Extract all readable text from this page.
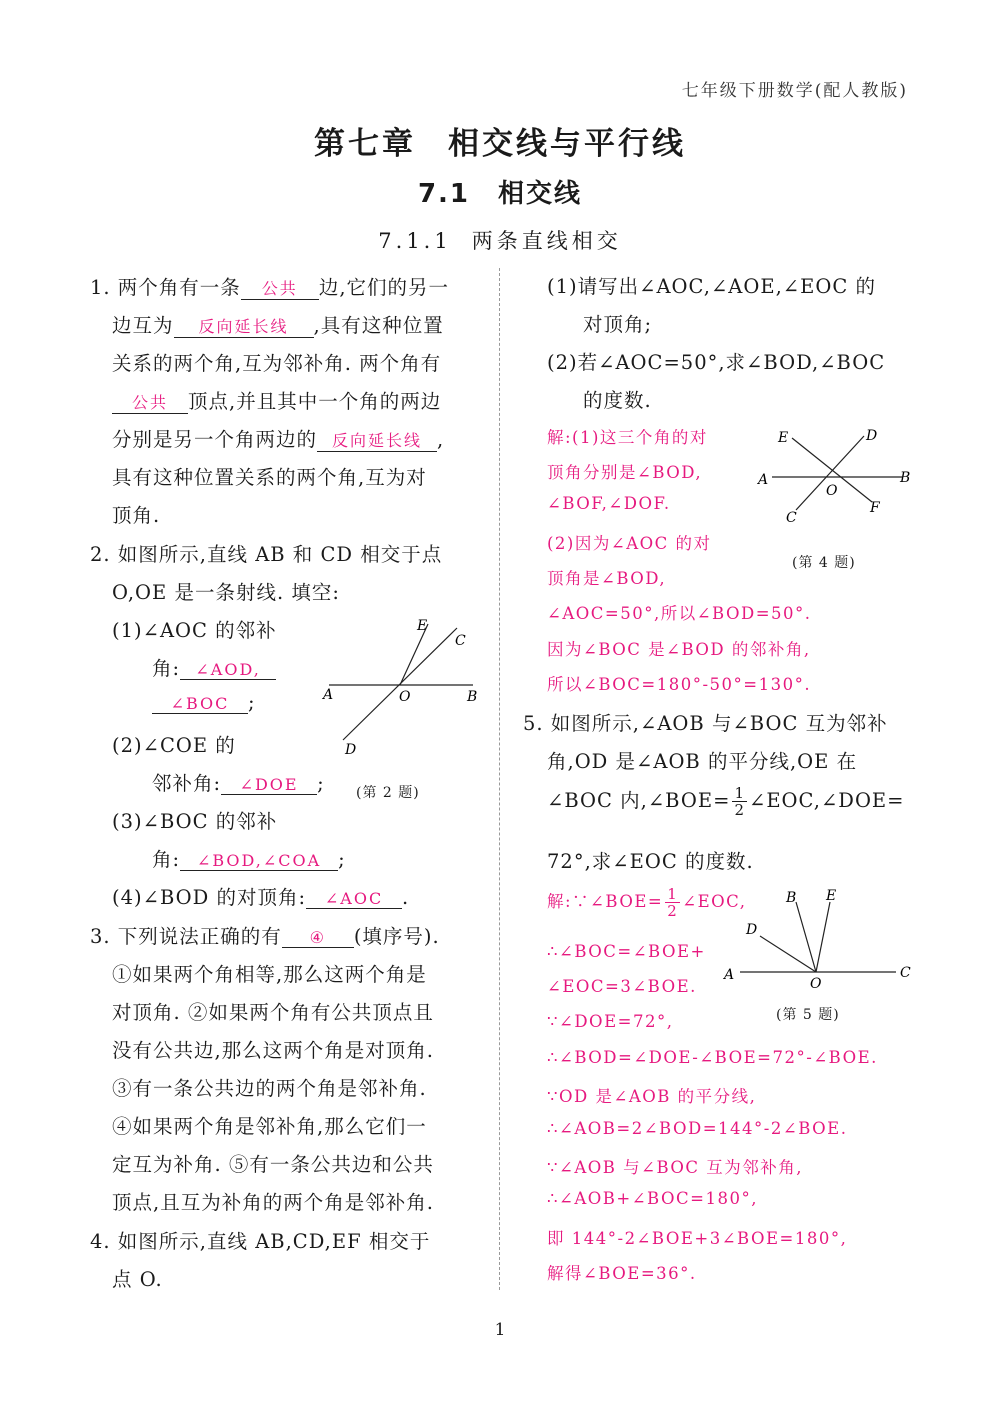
七年级下册数学(配人教版)
第七章 相交线与平行线
7.1 相交线
7.1.1 两条直线相交
1. 两个角有一条 公共 边,它们的另一
边互为 反向延长线 ,具有这种位置
关系的两个角,互为邻补角. 两个角有
公共 顶点,并且其中一个角的两边
分别是另一个角两边的 反向延长线 ,
具有这种位置关系的两个角,互为对
顶角.
2. 如图所示,直线 AB 和 CD 相交于点
O,OE 是一条射线. 填空:
(1)∠AOC 的邻补
角: ∠AOD,
∠BOC ;
(2)∠COE 的
邻补角: ∠DOE ;
(3)∠BOC 的邻补
角: ∠BOD,∠COA ;
(4)∠BOD 的对顶角: ∠AOC .
E
C
A	O	B
D
(第 2 题)
3. 下列说法正确的有 ④ (填序号).
①如果两个角相等,那么这两个角是
对顶角. ②如果两个角有公共顶点且
没有公共边,那么这两个角是对顶角.
③有一条公共边的两个角是邻补角.
④如果两个角是邻补角,那么它们一
定互为补角. ⑤有一条公共边和公共
顶点,且互为补角的两个角是邻补角.
4. 如图所示,直线 AB,CD,EF 相交于
点 O.
(1)请写出∠AOC,∠AOE,∠EOC 的
对顶角;
(2)若∠AOC=50°,求∠BOD,∠BOC
的度数.
解:(1)这三个角的对
顶角分别是∠BOD,
∠BOF,∠DOF.
(2)因为∠AOC 的对
顶角是∠BOD,
∠AOC=50°,所以∠BOD=50°.
因为∠BOC 是∠BOD 的邻补角,
所以∠BOC=180°-50°=130°.
E	D
A	B
O
C
F
(第 4 题)
5. 如图所示,∠AOB 与∠BOC 互为邻补
角,OD 是∠AOB 的平分线,OE 在
∠BOC 内,∠BOE= $\frac{1}{2}$ ∠EOC,∠DOE=
72°,求∠EOC 的度数.
解:∵∠BOE= $\frac{1}{2}$ ∠EOC,
∴∠BOC=∠BOE+
∠EOC=3∠BOE.
∵∠DOE=72°,
∴∠BOD=∠DOE-∠BOE=72°-∠BOE.
∵OD 是∠AOB 的平分线,
∴∠AOB=2∠BOD=144°-2∠BOE.
∵∠AOB 与∠BOC 互为邻补角,
∴∠AOB+∠BOC=180°,
即 144°-2∠BOE+3∠BOE=180°,
解得∠BOE=36°.
B E
D
A
O
C
(第 5 题)
1
